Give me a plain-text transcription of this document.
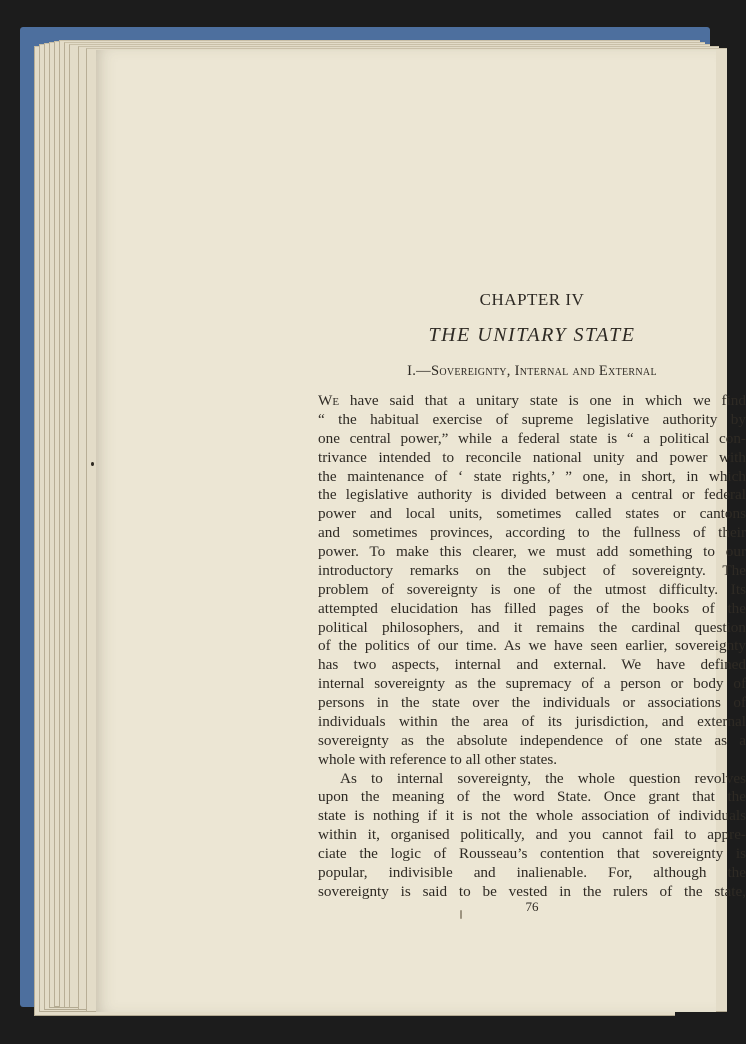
CHAPTER IV
THE UNITARY STATE
I.—Sovereignty, Internal and External
We have said that a unitary state is one in which we find
“ the habitual exercise of supreme legislative authority by
one central power,” while a federal state is “ a political con-
trivance intended to reconcile national unity and power with
the maintenance of ‘ state rights,’ ” one, in short, in which
the legislative authority is divided between a central or federal
power and local units, sometimes called states or cantons
and sometimes provinces, according to the fullness of their
power. To make this clearer, we must add something to our
introductory remarks on the subject of sovereignty. The
problem of sovereignty is one of the utmost difficulty. Its
attempted elucidation has filled pages of the books of the
political philosophers, and it remains the cardinal question
of the politics of our time. As we have seen earlier, sovereignty
has two aspects, internal and external. We have defined
internal sovereignty as the supremacy of a person or body of
persons in the state over the individuals or associations of
individuals within the area of its jurisdiction, and external
sovereignty as the absolute independence of one state as a
whole with reference to all other states.
As to internal sovereignty, the whole question revolves
upon the meaning of the word State. Once grant that the
state is nothing if it is not the whole association of individuals
within it, organised politically, and you cannot fail to appre-
ciate the logic of Rousseau’s contention that sovereignty is
popular, indivisible and inalienable. For, although the
sovereignty is said to be vested in the rulers of the state,
76
